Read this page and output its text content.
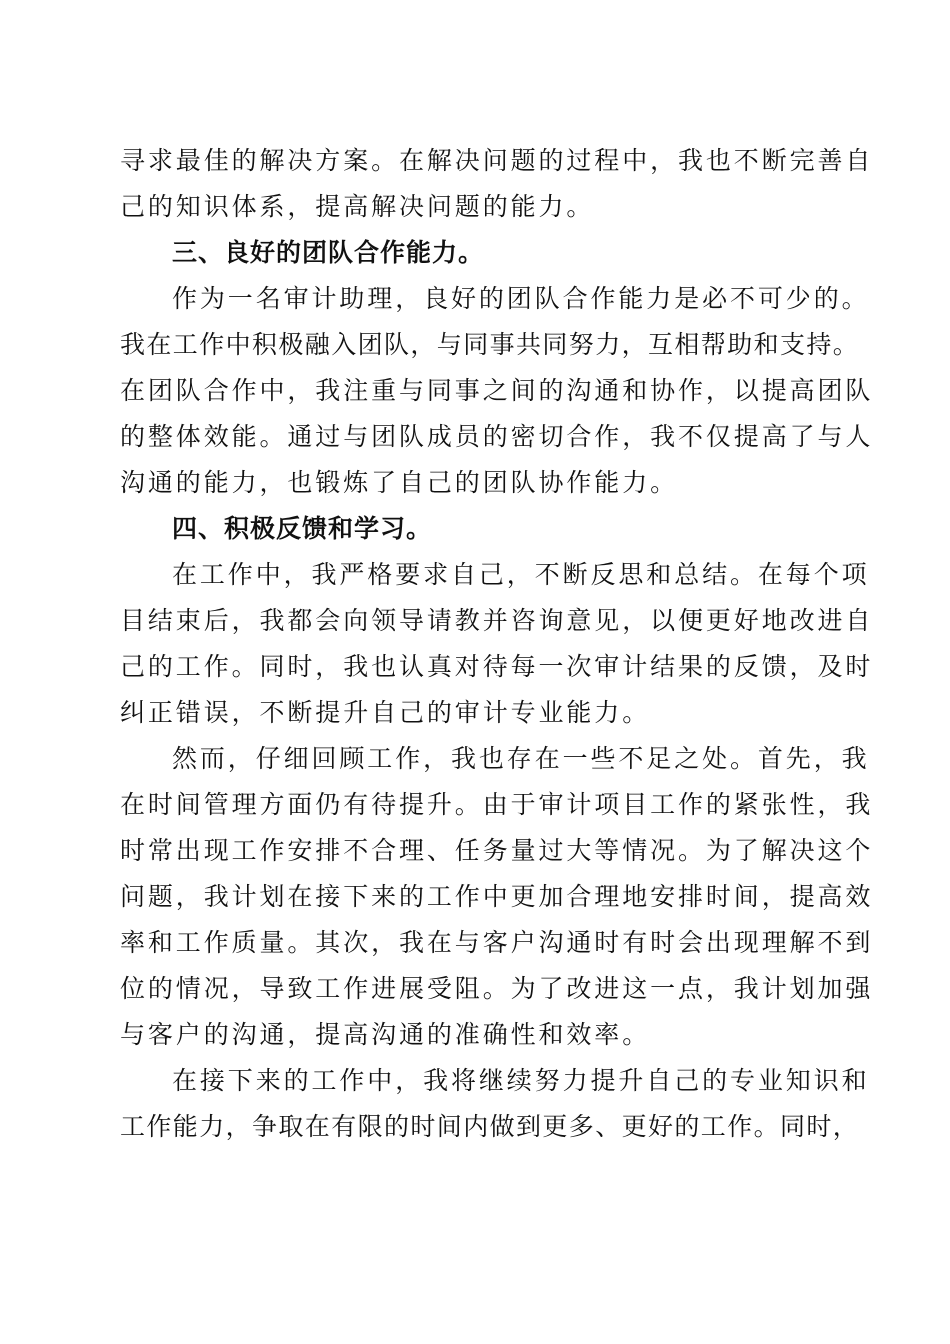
寻求最佳的解决方案。在解决问题的过程中，我也不断完善自
己的知识体系，提高解决问题的能力。
三、良好的团队合作能力。
作为一名审计助理，良好的团队合作能力是必不可少的。
我在工作中积极融入团队，与同事共同努力，互相帮助和支持。
在团队合作中，我注重与同事之间的沟通和协作，以提高团队
的整体效能。通过与团队成员的密切合作，我不仅提高了与人
沟通的能力，也锻炼了自己的团队协作能力。
四、积极反馈和学习。
在工作中，我严格要求自己，不断反思和总结。在每个项
目结束后，我都会向领导请教并咨询意见，以便更好地改进自
己的工作。同时，我也认真对待每一次审计结果的反馈，及时
纠正错误，不断提升自己的审计专业能力。
然而，仔细回顾工作，我也存在一些不足之处。首先，我
在时间管理方面仍有待提升。由于审计项目工作的紧张性，我
时常出现工作安排不合理、任务量过大等情况。为了解决这个
问题，我计划在接下来的工作中更加合理地安排时间，提高效
率和工作质量。其次，我在与客户沟通时有时会出现理解不到
位的情况，导致工作进展受阻。为了改进这一点，我计划加强
与客户的沟通，提高沟通的准确性和效率。
在接下来的工作中，我将继续努力提升自己的专业知识和
工作能力，争取在有限的时间内做到更多、更好的工作。同时，
